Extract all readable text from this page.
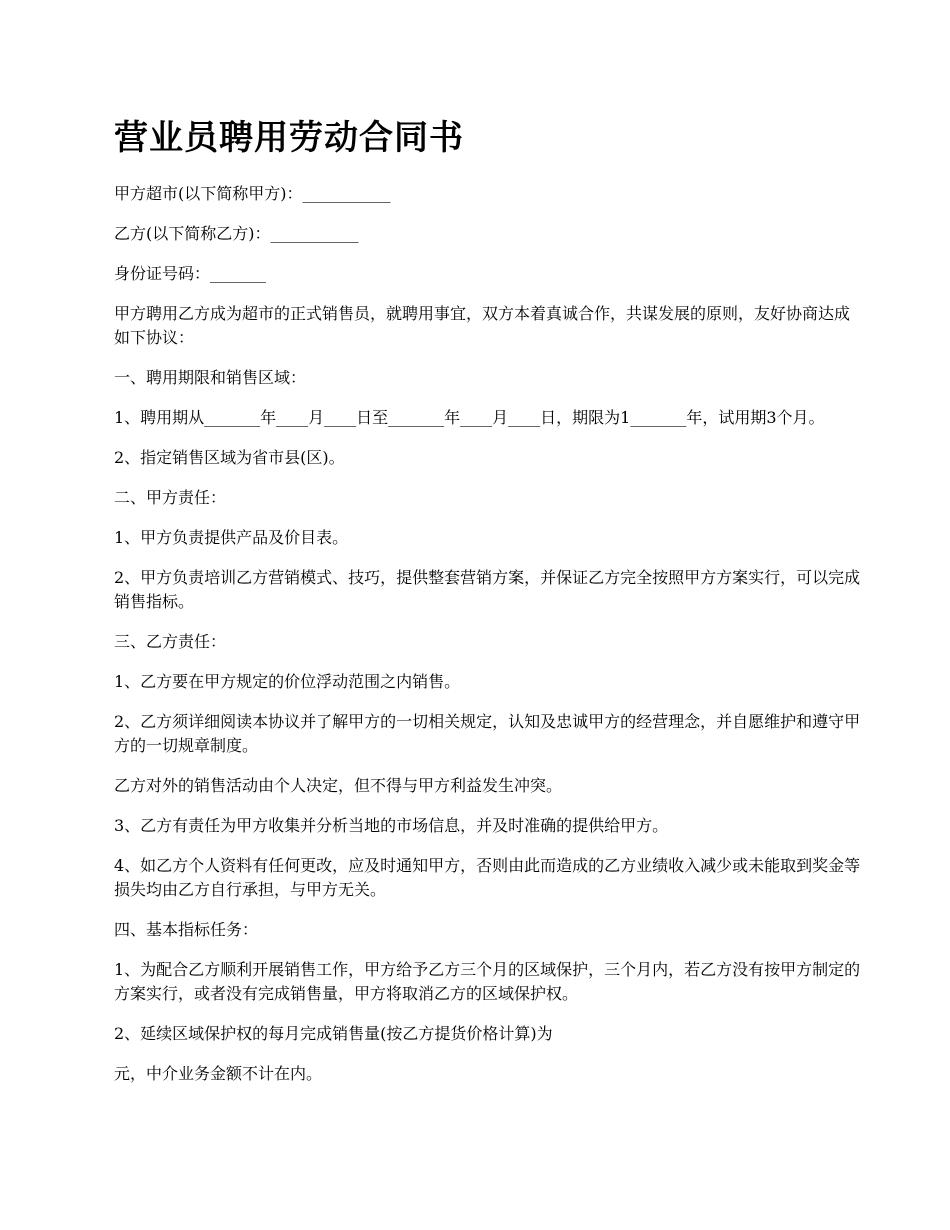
营业员聘用劳动合同书

甲方超市(以下简称甲方)：___________

乙方(以下简称乙方)：___________

身份证号码：_______

甲方聘用乙方成为超市的正式销售员，就聘用事宜，双方本着真诚合作，共谋发展的原则，友好协商达成如下协议：

一、聘用期限和销售区域：

1、聘用期从_______年____月____日至_______年____月____日，期限为1_______年，试用期3个月。

2、指定销售区域为省市县(区)。

二、甲方责任：

1、甲方负责提供产品及价目表。

2、甲方负责培训乙方营销模式、技巧，提供整套营销方案，并保证乙方完全按照甲方方案实行，可以完成销售指标。

三、乙方责任：

1、乙方要在甲方规定的价位浮动范围之内销售。

2、乙方须详细阅读本协议并了解甲方的一切相关规定，认知及忠诚甲方的经营理念，并自愿维护和遵守甲方的一切规章制度。

乙方对外的销售活动由个人决定，但不得与甲方利益发生冲突。

3、乙方有责任为甲方收集并分析当地的市场信息，并及时准确的提供给甲方。

4、如乙方个人资料有任何更改，应及时通知甲方，否则由此而造成的乙方业绩收入减少或未能取到奖金等损失均由乙方自行承担，与甲方无关。

四、基本指标任务：

1、为配合乙方顺利开展销售工作，甲方给予乙方三个月的区域保护，三个月内，若乙方没有按甲方制定的方案实行，或者没有完成销售量，甲方将取消乙方的区域保护权。

2、延续区域保护权的每月完成销售量(按乙方提货价格计算)为

元，中介业务金额不计在内。
